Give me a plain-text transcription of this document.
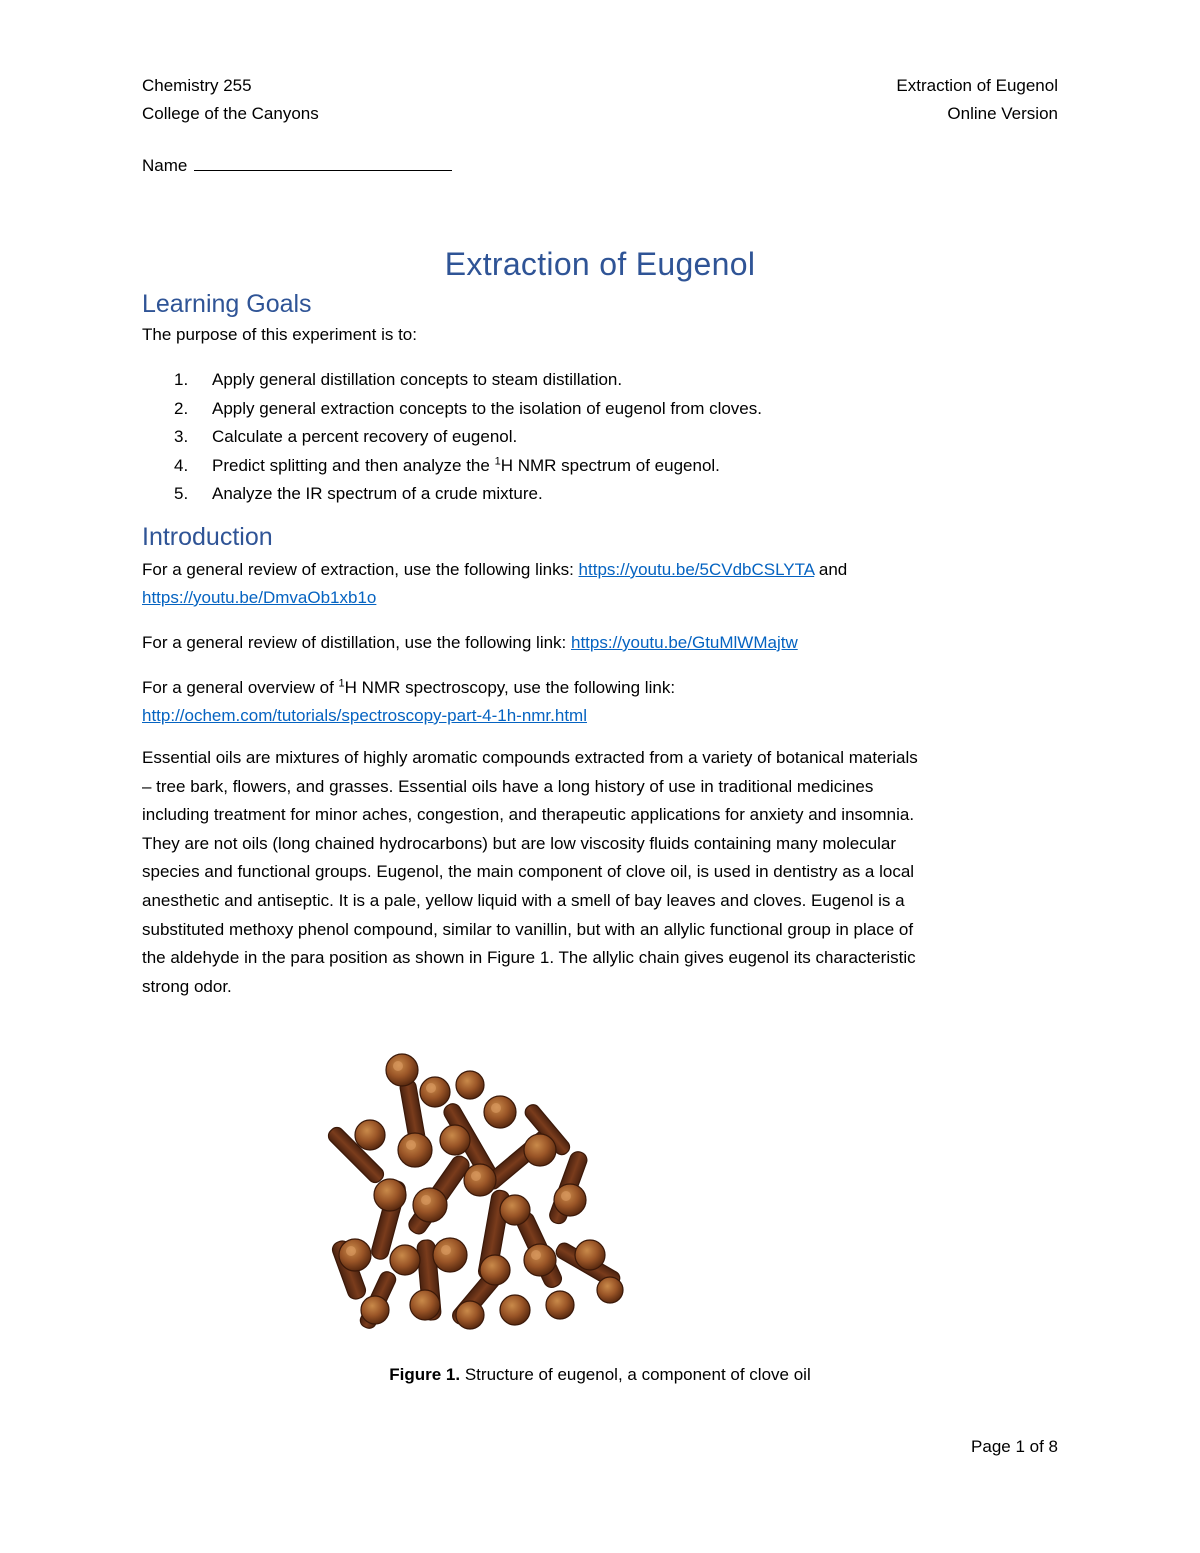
Chemistry 255
College of the Canyons
Extraction of Eugenol
Online Version
Name
Extraction of Eugenol
Learning Goals
The purpose of this experiment is to:
1. Apply general distillation concepts to steam distillation.
2. Apply general extraction concepts to the isolation of eugenol from cloves.
3. Calculate a percent recovery of eugenol.
4. Predict splitting and then analyze the $^1$H NMR spectrum of eugenol.
5. Analyze the IR spectrum of a crude mixture.
Introduction
For a general review of extraction, use the following links: https://youtu.be/5CVdbCSLYTA and
https://youtu.be/DmvaOb1xb1o
For a general review of distillation, use the following link: https://youtu.be/GtuMlWMajtw
For a general overview of $^1$H NMR spectroscopy, use the following link:
http://ochem.com/tutorials/spectroscopy-part-4-1h-nmr.html
Essential oils are mixtures of highly aromatic compounds extracted from a variety of botanical materials
– tree bark, flowers, and grasses. Essential oils have a long history of use in traditional medicines
including treatment for minor aches, congestion, and therapeutic applications for anxiety and insomnia.
They are not oils (long chained hydrocarbons) but are low viscosity fluids containing many molecular
species and functional groups. Eugenol, the main component of clove oil, is used in dentistry as a local
anesthetic and antiseptic. It is a pale, yellow liquid with a smell of bay leaves and cloves. Eugenol is a
substituted methoxy phenol compound, similar to vanillin, but with an allylic functional group in place of
the aldehyde in the para position as shown in Figure 1. The allylic chain gives eugenol its characteristic
strong odor.
Figure 1. Structure of eugenol, a component of clove oil
Page 1 of 8
